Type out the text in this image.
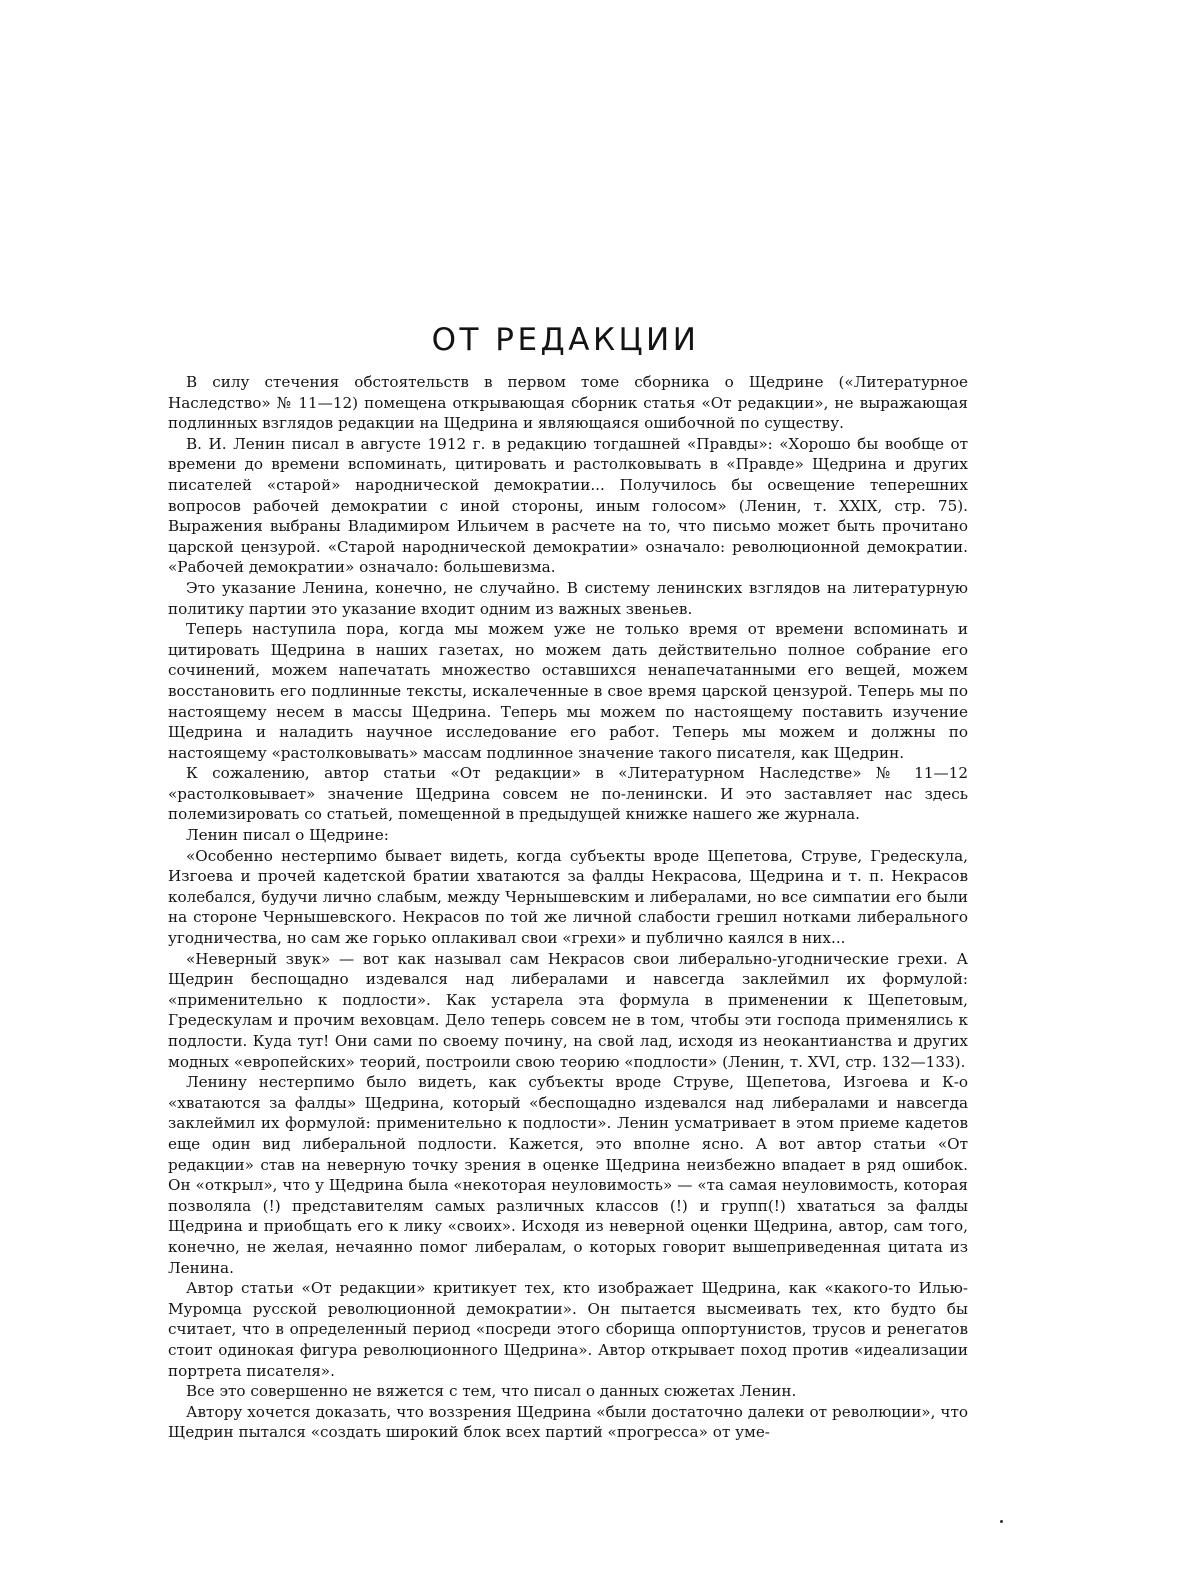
ОТ РЕДАКЦИИ

В силу стечения обстоятельств в первом томе сборника о Щедрине («Литературное Наследство» № 11—12) помещена открывающая сборник статья «От редакции», не выражающая подлинных взглядов редакции на Щедрина и являющаяся ошибочной по существу.

В. И. Ленин писал в августе 1912 г. в редакцию тогдашней «Правды»: «Хорошо бы вообще от времени до времени вспоминать, цитировать и растолковывать в «Правде» Щедрина и других писателей «старой» народнической демократии... Получилось бы освещение теперешних вопросов рабочей демократии с иной стороны, иным голосом» (Ленин, т. XXIX, стр. 75). Выражения выбраны Владимиром Ильичем в расчете на то, что письмо может быть прочитано царской цензурой. «Старой народнической демократии» означало: революционной демократии. «Рабочей демократии» означало: большевизма.

Это указание Ленина, конечно, не случайно. В систему ленинских взглядов на литературную политику партии это указание входит одним из важных звеньев.

Теперь наступила пора, когда мы можем уже не только время от времени вспоминать и цитировать Щедрина в наших газетах, но можем дать действительно полное собрание его сочинений, можем напечатать множество оставшихся ненапечатанными его вещей, можем восстановить его подлинные тексты, искалеченные в свое время царской цензурой. Теперь мы по настоящему несем в массы Щедрина. Теперь мы можем по настоящему поставить изучение Щедрина и наладить научное исследование его работ. Теперь мы можем и должны по настоящему «растолковывать» массам подлинное значение такого писателя, как Щедрин.

К сожалению, автор статьи «От редакции» в «Литературном Наследстве» № 11—12 «растолковывает» значение Щедрина совсем не по-ленински. И это заставляет нас здесь полемизировать со статьей, помещенной в предыдущей книжке нашего же журнала.

Ленин писал о Щедрине:

«Особенно нестерпимо бывает видеть, когда субъекты вроде Щепетова, Струве, Гредескула, Изгоева и прочей кадетской братии хватаются за фалды Некрасова, Щедрина и т. п. Некрасов колебался, будучи лично слабым, между Чернышевским и либералами, но все симпатии его были на стороне Чернышевского. Некрасов по той же личной слабости грешил нотками либерального угодничества, но сам же горько оплакивал свои «грехи» и публично каялся в них...

«Неверный звук» — вот как называл сам Некрасов свои либерально-угоднические грехи. А Щедрин беспощадно издевался над либералами и навсегда заклеймил их формулой: «применительно к подлости». Как устарела эта формула в применении к Щепетовым, Гредескулам и прочим веховцам. Дело теперь совсем не в том, чтобы эти господа применялись к подлости. Куда тут! Они сами по своему почину, на свой лад, исходя из неокантианства и других модных «европейских» теорий, построили свою теорию «подлости» (Ленин, т. XVI, стр. 132—133).

Ленину нестерпимо было видеть, как субъекты вроде Струве, Щепетова, Изгоева и К-о «хватаются за фалды» Щедрина, который «беспощадно издевался над либералами и навсегда заклеймил их формулой: применительно к подлости». Ленин усматривает в этом приеме кадетов еще один вид либеральной подлости. Кажется, это вполне ясно. А вот автор статьи «От редакции» став на неверную точку зрения в оценке Щедрина неизбежно впадает в ряд ошибок. Он «открыл», что у Щедрина была «некоторая неуловимость» — «та самая неуловимость, которая позволяла (!) представителям самых различных классов (!) и групп(!) хвататься за фалды Щедрина и приобщать его к лику «своих». Исходя из неверной оценки Щедрина, автор, сам того, конечно, не желая, нечаянно помог либералам, о которых говорит вышеприведенная цитата из Ленина.

Автор статьи «От редакции» критикует тех, кто изображает Щедрина, как «какого-то Илью-Муромца русской революционной демократии». Он пытается высмеивать тех, кто будто бы считает, что в определенный период «посреди этого сборища оппортунистов, трусов и ренегатов стоит одинокая фигура революционного Щедрина». Автор открывает поход против «идеализации портрета писателя».

Все это совершенно не вяжется с тем, что писал о данных сюжетах Ленин.

Автору хочется доказать, что воззрения Щедрина «были достаточно далеки от революции», что Щедрин пытался «создать широкий блок всех партий «прогресса» от уме-
